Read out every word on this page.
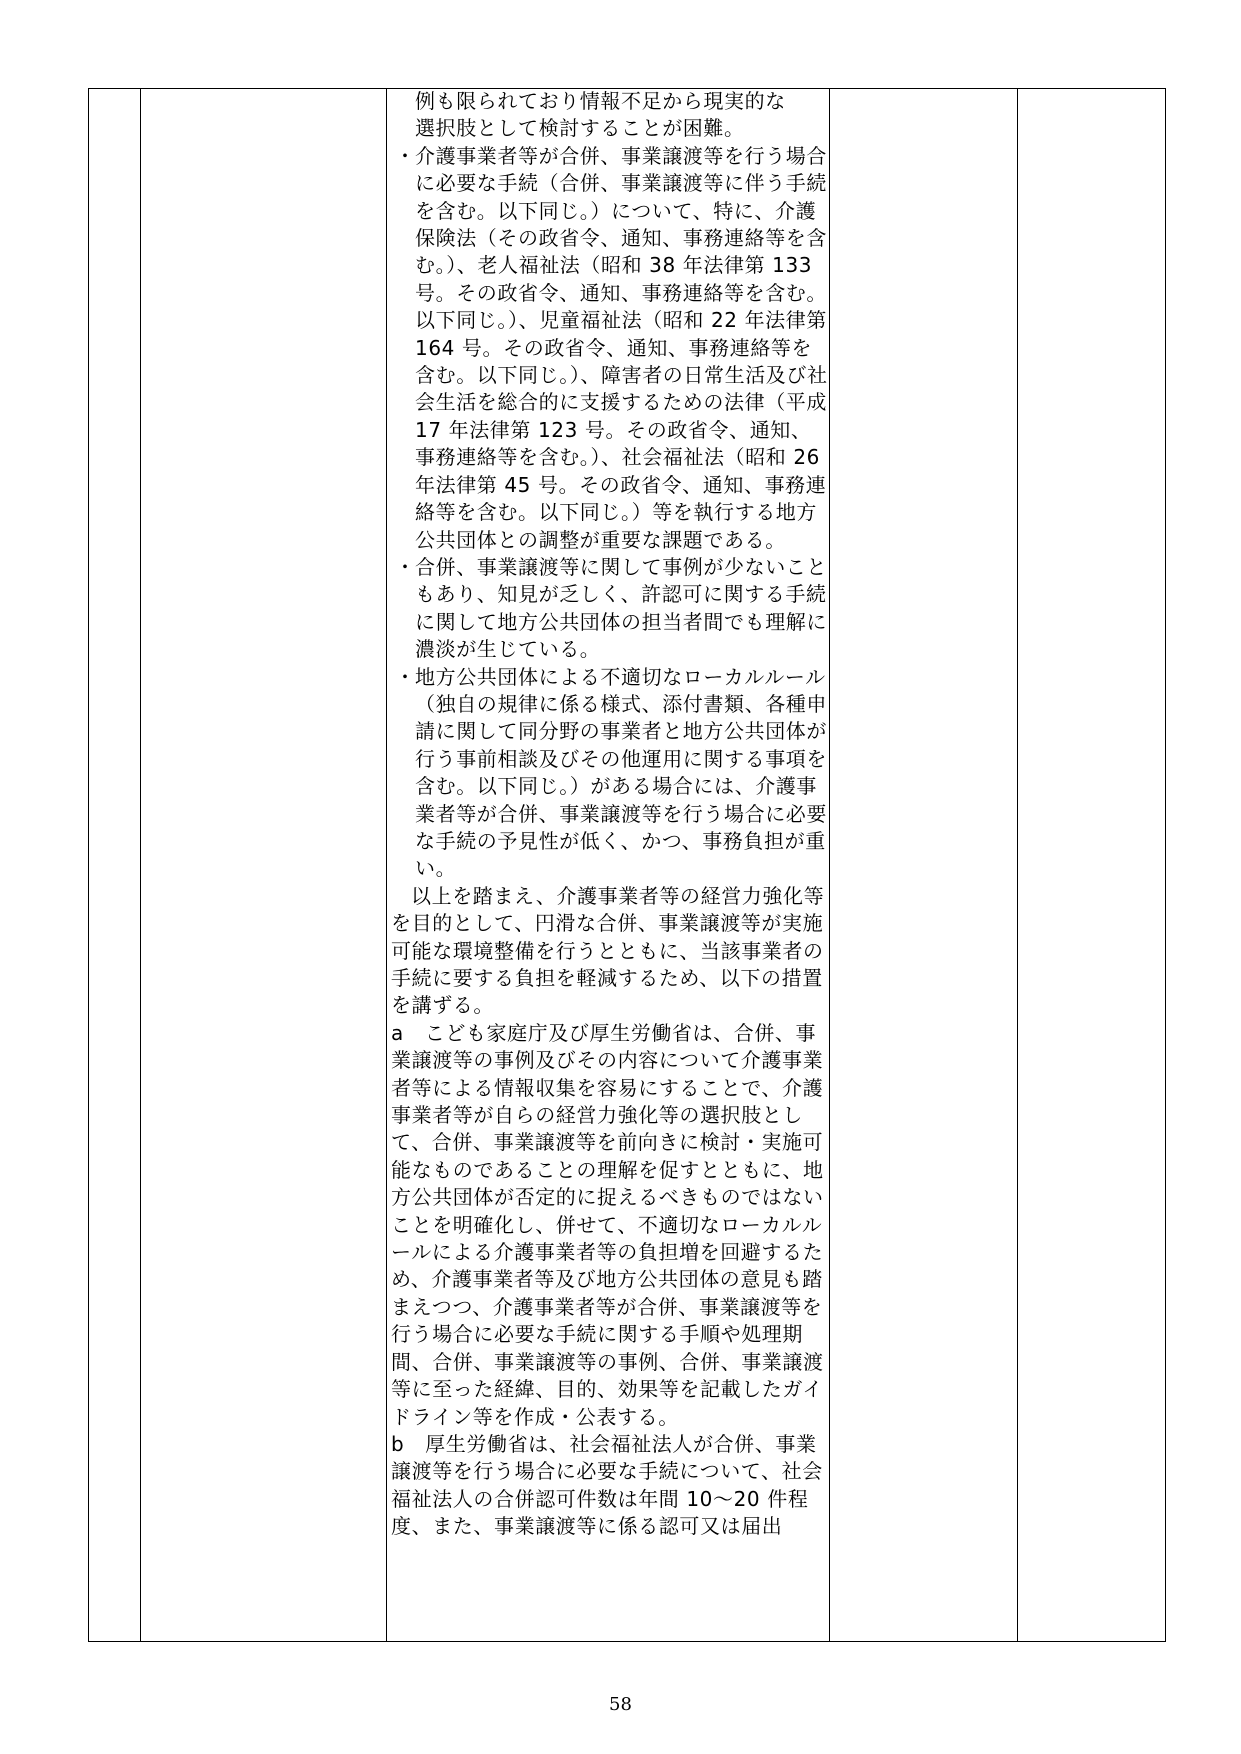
例も限られており情報不足から現実的な
選択肢として検討することが困難。
・ 介護事業者等が合併、事業譲渡等を行う場合に必要な手続（合併、事業譲渡等に伴う手続を含む。以下同じ。）について、特に、介護保険法（その政省令、通知、事務連絡等を含む。）、老人福祉法（昭和 38 年法律第 133 号。その政省令、通知、事務連絡等を含む。以下同じ。）、児童福祉法（昭和 22 年法律第 164 号。その政省令、通知、事務連絡等を含む。以下同じ。）、障害者の日常生活及び社会生活を総合的に支援するための法律（平成 17 年法律第 123 号。その政省令、通知、事務連絡等を含む。）、社会福祉法（昭和 26 年法律第 45 号。その政省令、通知、事務連絡等を含む。以下同じ。）等を執行する地方公共団体との調整が重要な課題である。
・ 合併、事業譲渡等に関して事例が少ないこともあり、知見が乏しく、許認可に関する手続に関して地方公共団体の担当者間でも理解に濃淡が生じている。
・ 地方公共団体による不適切なローカルルール（独自の規律に係る様式、添付書類、各種申請に関して同分野の事業者と地方公共団体が行う事前相談及びその他運用に関する事項を含む。以下同じ。）がある場合には、介護事業者等が合併、事業譲渡等を行う場合に必要な手続の予見性が低く、かつ、事務負担が重い。
以上を踏まえ、介護事業者等の経営力強化等を目的として、円滑な合併、事業譲渡等が実施可能な環境整備を行うとともに、当該事業者の手続に要する負担を軽減するため、以下の措置を講ずる。
a こども家庭庁及び厚生労働省は、合併、事業譲渡等の事例及びその内容について介護事業者等による情報収集を容易にすることで、介護事業者等が自らの経営力強化等の選択肢として、合併、事業譲渡等を前向きに検討・実施可能なものであることの理解を促すとともに、地方公共団体が否定的に捉えるべきものではないことを明確化し、併せて、不適切なローカルルールによる介護事業者等の負担増を回避するため、介護事業者等及び地方公共団体の意見も踏まえつつ、介護事業者等が合併、事業譲渡等を行う場合に必要な手続に関する手順や処理期間、合併、事業譲渡等の事例、合併、事業譲渡等に至った経緯、目的、効果等を記載したガイドライン等を作成・公表する。
b 厚生労働省は、社会福祉法人が合併、事業譲渡等を行う場合に必要な手続について、社会福祉法人の合併認可件数は年間 10～20 件程度、また、事業譲渡等に係る認可又は届出
58
